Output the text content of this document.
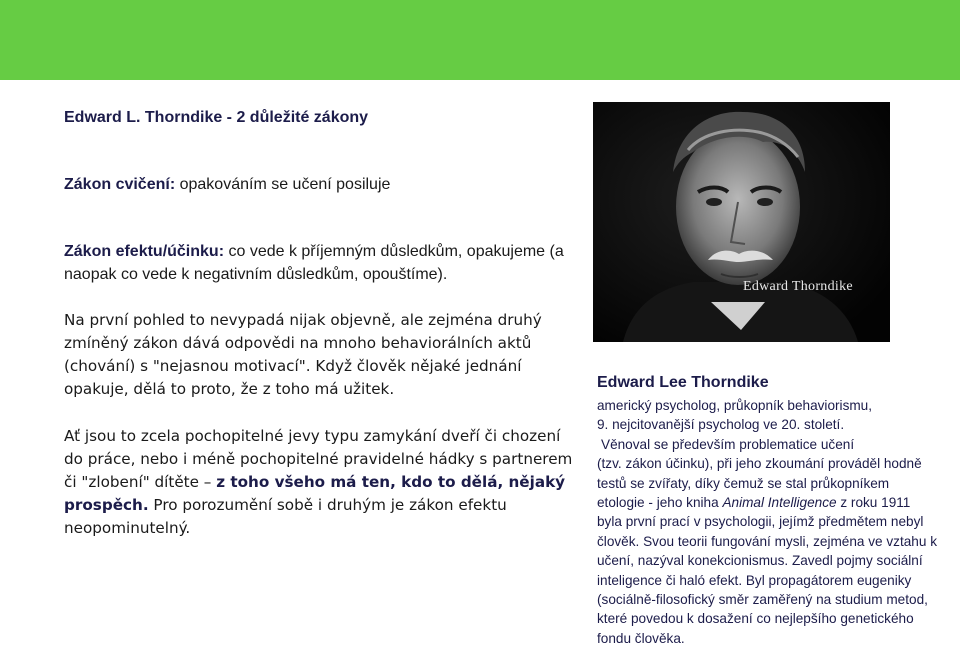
Edward L. Thorndike - 2 důležité zákony

Zákon cvičení: opakováním se učení posiluje

Zákon efektu/účinku: co vede k příjemným důsledkům, opakujeme (a naopak co vede k negativním důsledkům, opouštíme).

Na první pohled to nevypadá nijak objevně, ale zejména druhý zmíněný zákon dává odpovědi na mnoho behaviorálních aktů (chování) s "nejasnou motivací". Když člověk nějaké jednání opakuje, dělá to proto, že z toho má užitek.

Ať jsou to zcela pochopitelné jevy typu zamykání dveří či chození do práce, nebo i méně pochopitelné pravidelné hádky s partnerem či "zlobení" dítěte – z toho všeho má ten, kdo to dělá, nějaký prospěch. Pro porozumění sobě i druhým je zákon efektu neopominutelný.

Edward Thorndike

Edward Lee Thorndike

americký psycholog, průkopník behaviorismu,

9. nejcitovanější psycholog ve 20. století.

Věnoval se především problematice učení

(tzv. zákon účinku), při jeho zkoumání prováděl hodně testů se zvířaty, díky čemuž se stal průkopníkem etologie - jeho kniha Animal Intelligence z roku 1911 byla první prací v psychologii, jejímž předmětem nebyl člověk. Svou teorii fungování mysli, zejména ve vztahu k učení, nazýval konekcionismus. Zavedl pojmy sociální inteligence či haló efekt. Byl propagátorem eugeniky (sociálně-filosofický směr zaměřený na studium metod, které povedou k dosažení co nejlepšího genetického fondu člověka.
